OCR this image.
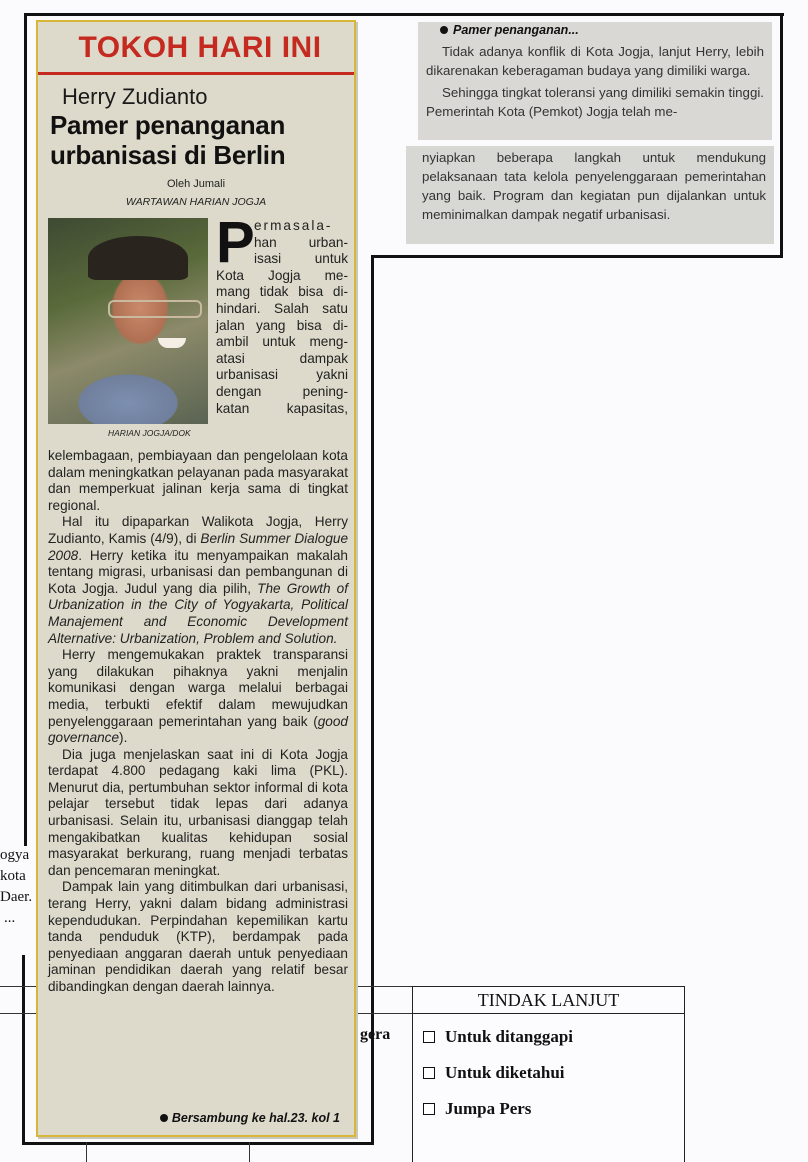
ogya
kota
Daer.
...
TOKOH HARI INI
Herry Zudianto
Pamer penanganan urbanisasi di Berlin
Oleh Jumali
WARTAWAN HARIAN JOGJA
HARIAN JOGJA/DOK
P ermasala-
han urban-
isasi untuk
Kota Jogja me-
mang tidak bisa di-
hindari. Salah satu
jalan yang bisa di-
ambil untuk meng-
atasi dampak
urbanisasi yakni
dengan pening-
katan kapasitas,

kelembagaan, pembiayaan dan pengelolaan kota dalam meningkatkan pelayanan pada masyarakat dan memperkuat jalinan kerja sama di tingkat regional.

Hal itu dipaparkan Walikota Jogja, Herry Zudianto, Kamis (4/9), di Berlin Summer Dialogue 2008. Herry ketika itu menyampaikan makalah tentang migrasi, urbanisasi dan pembangunan di Kota Jogja. Judul yang dia pilih, The Growth of Urbanization in the City of Yogyakarta, Political Manajement and Economic Development Alternative: Urbanization, Problem and Solution.

Herry mengemukakan praktek transparansi yang dilakukan pihaknya yakni menjalin komunikasi dengan warga melalui berbagai media, terbukti efektif dalam mewujudkan penyelenggaraan pemerintahan yang baik (good governance).

Dia juga menjelaskan saat ini di Kota Jogja terdapat 4.800 pedagang kaki lima (PKL). Menurut dia, pertumbuhan sektor informal di kota pelajar tersebut tidak lepas dari adanya urbanisasi. Selain itu, urbanisasi dianggap telah mengakibatkan kualitas kehidupan sosial masyarakat berkurang, ruang menjadi terbatas dan pencemaran meningkat.

Dampak lain yang ditimbulkan dari urbanisasi, terang Herry, yakni dalam bidang administrasi kependudukan. Perpindahan kepemilikan kartu tanda penduduk (KTP), berdampak pada penyediaan anggaran daerah untuk penyediaan jaminan pendidikan daerah yang relatif besar dibandingkan dengan daerah lainnya.

Bersambung ke hal.23. kol 1
Pamer penanganan...

Tidak adanya konflik di Kota Jogja, lanjut Herry, lebih dikarenakan keberagaman budaya yang dimiliki warga.

Sehingga tingkat toleransi yang dimiliki semakin tinggi. Pemerintah Kota (Pemkot) Jogja telah me-

nyiapkan beberapa langkah untuk mendukung pelaksanaan tata kelola penyelenggaraan pemerintahan yang baik. Program dan kegiatan pun dijalankan untuk meminimalkan dampak negatif urbanisasi.

gera
TINDAK LANJUT
Untuk ditanggapi
Untuk diketahui
Jumpa Pers
